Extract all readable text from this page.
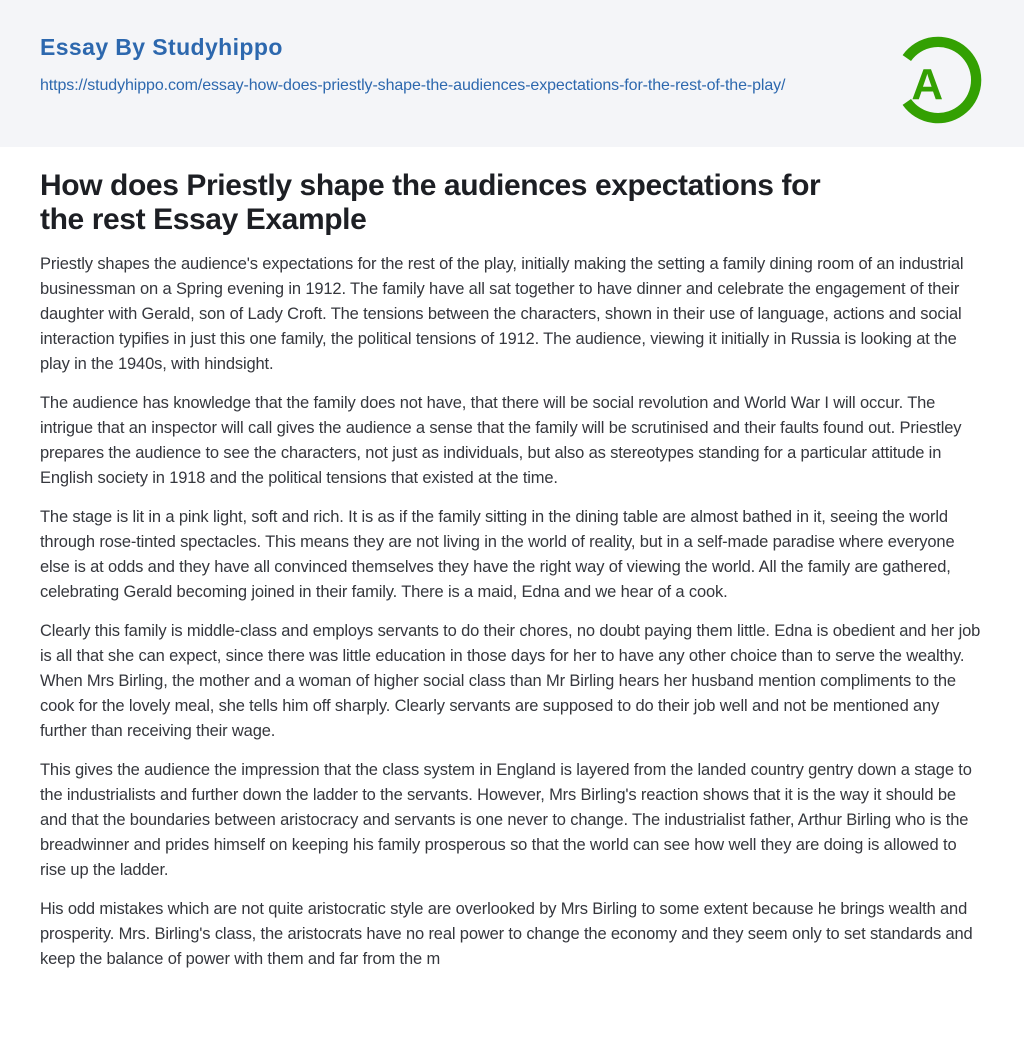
Essay By Studyhippo
https://studyhippo.com/essay-how-does-priestly-shape-the-audiences-expectations-for-the-rest-of-the-play/	A
How does Priestly shape the audiences expectations for the rest Essay Example

Priestly shapes the audience's expectations for the rest of the play, initially making the setting a family dining room of an industrial businessman on a Spring evening in 1912. The family have all sat together to have dinner and celebrate the engagement of their daughter with Gerald, son of Lady Croft. The tensions between the characters, shown in their use of language, actions and social interaction typifies in just this one family, the political tensions of 1912. The audience, viewing it initially in Russia is looking at the play in the 1940s, with hindsight.

The audience has knowledge that the family does not have, that there will be social revolution and World War I will occur. The intrigue that an inspector will call gives the audience a sense that the family will be scrutinised and their faults found out. Priestley prepares the audience to see the characters, not just as individuals, but also as stereotypes standing for a particular attitude in English society in 1918 and the political tensions that existed at the time.

The stage is lit in a pink light, soft and rich. It is as if the family sitting in the dining table are almost bathed in it, seeing the world through rose-tinted spectacles. This means they are not living in the world of reality, but in a self-made paradise where everyone else is at odds and they have all convinced themselves they have the right way of viewing the world. All the family are gathered, celebrating Gerald becoming joined in their family. There is a maid, Edna and we hear of a cook.

Clearly this family is middle-class and employs servants to do their chores, no doubt paying them little. Edna is obedient and her job is all that she can expect, since there was little education in those days for her to have any other choice than to serve the wealthy. When Mrs Birling, the mother and a woman of higher social class than Mr Birling hears her husband mention compliments to the cook for the lovely meal, she tells him off sharply. Clearly servants are supposed to do their job well and not be mentioned any further than receiving their wage.

This gives the audience the impression that the class system in England is layered from the landed country gentry down a stage to the industrialists and further down the ladder to the servants. However, Mrs Birling's reaction shows that it is the way it should be and that the boundaries between aristocracy and servants is one never to change. The industrialist father, Arthur Birling who is the breadwinner and prides himself on keeping his family prosperous so that the world can see how well they are doing is allowed to rise up the ladder.

His odd mistakes which are not quite aristocratic style are overlooked by Mrs Birling to some extent because he brings wealth and prosperity. Mrs. Birling's class, the aristocrats have no real power to change the economy and they seem only to set standards and keep the balance of power with them and far from the m
